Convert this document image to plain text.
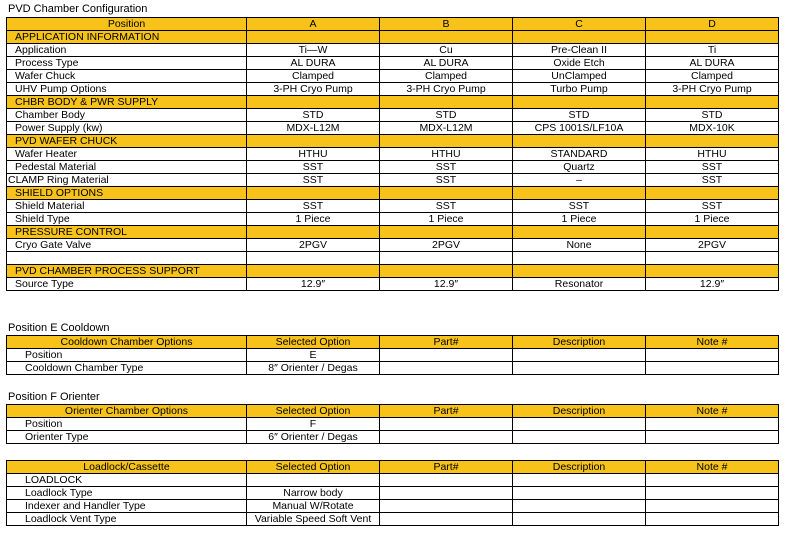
PVD Chamber Configuration
Position	A	B	C	D
APPLICATION INFORMATION				
Application	Ti—W	Cu	Pre-Clean II	Ti
Process Type	AL DURA	AL DURA	Oxide Etch	AL DURA
Wafer Chuck	Clamped	Clamped	UnClamped	Clamped
UHV Pump Options	3-PH Cryo Pump	3-PH Cryo Pump	Turbo Pump	3-PH Cryo Pump
CHBR BODY & PWR SUPPLY				
Chamber Body	STD	STD	STD	STD
Power Supply (kw)	MDX-L12M	MDX-L12M	CPS 1001S/LF10A	MDX-10K
PVD WAFER CHUCK				
Wafer Heater	HTHU	HTHU	STANDARD	HTHU
Pedestal Material	SST	SST	Quartz	SST
CLAMP Ring Material	SST	SST	–	SST
SHIELD OPTIONS				
Shield Material	SST	SST	SST	SST
Shield Type	1 Piece	1 Piece	1 Piece	1 Piece
PRESSURE CONTROL				
Cryo Gate Valve	2PGV	2PGV	None	2PGV

PVD CHAMBER PROCESS SUPPORT				
Source Type	12.9″	12.9″	Resonator	12.9″
Position E Cooldown
Cooldown Chamber Options	Selected Option	Part#	Description	Note #
Position	E			
Cooldown Chamber Type	8″ Orienter / Degas			
Position F Orienter
Orienter Chamber Options	Selected Option	Part#	Description	Note #
Position	F			
Orienter Type	6″ Orienter / Degas			
Loadlock/Cassette	Selected Option	Part#	Description	Note #
LOADLOCK				
Loadlock Type	Narrow body			
Indexer and Handler Type	Manual W/Rotate			
Loadlock Vent Type	Variable Speed Soft Vent			
